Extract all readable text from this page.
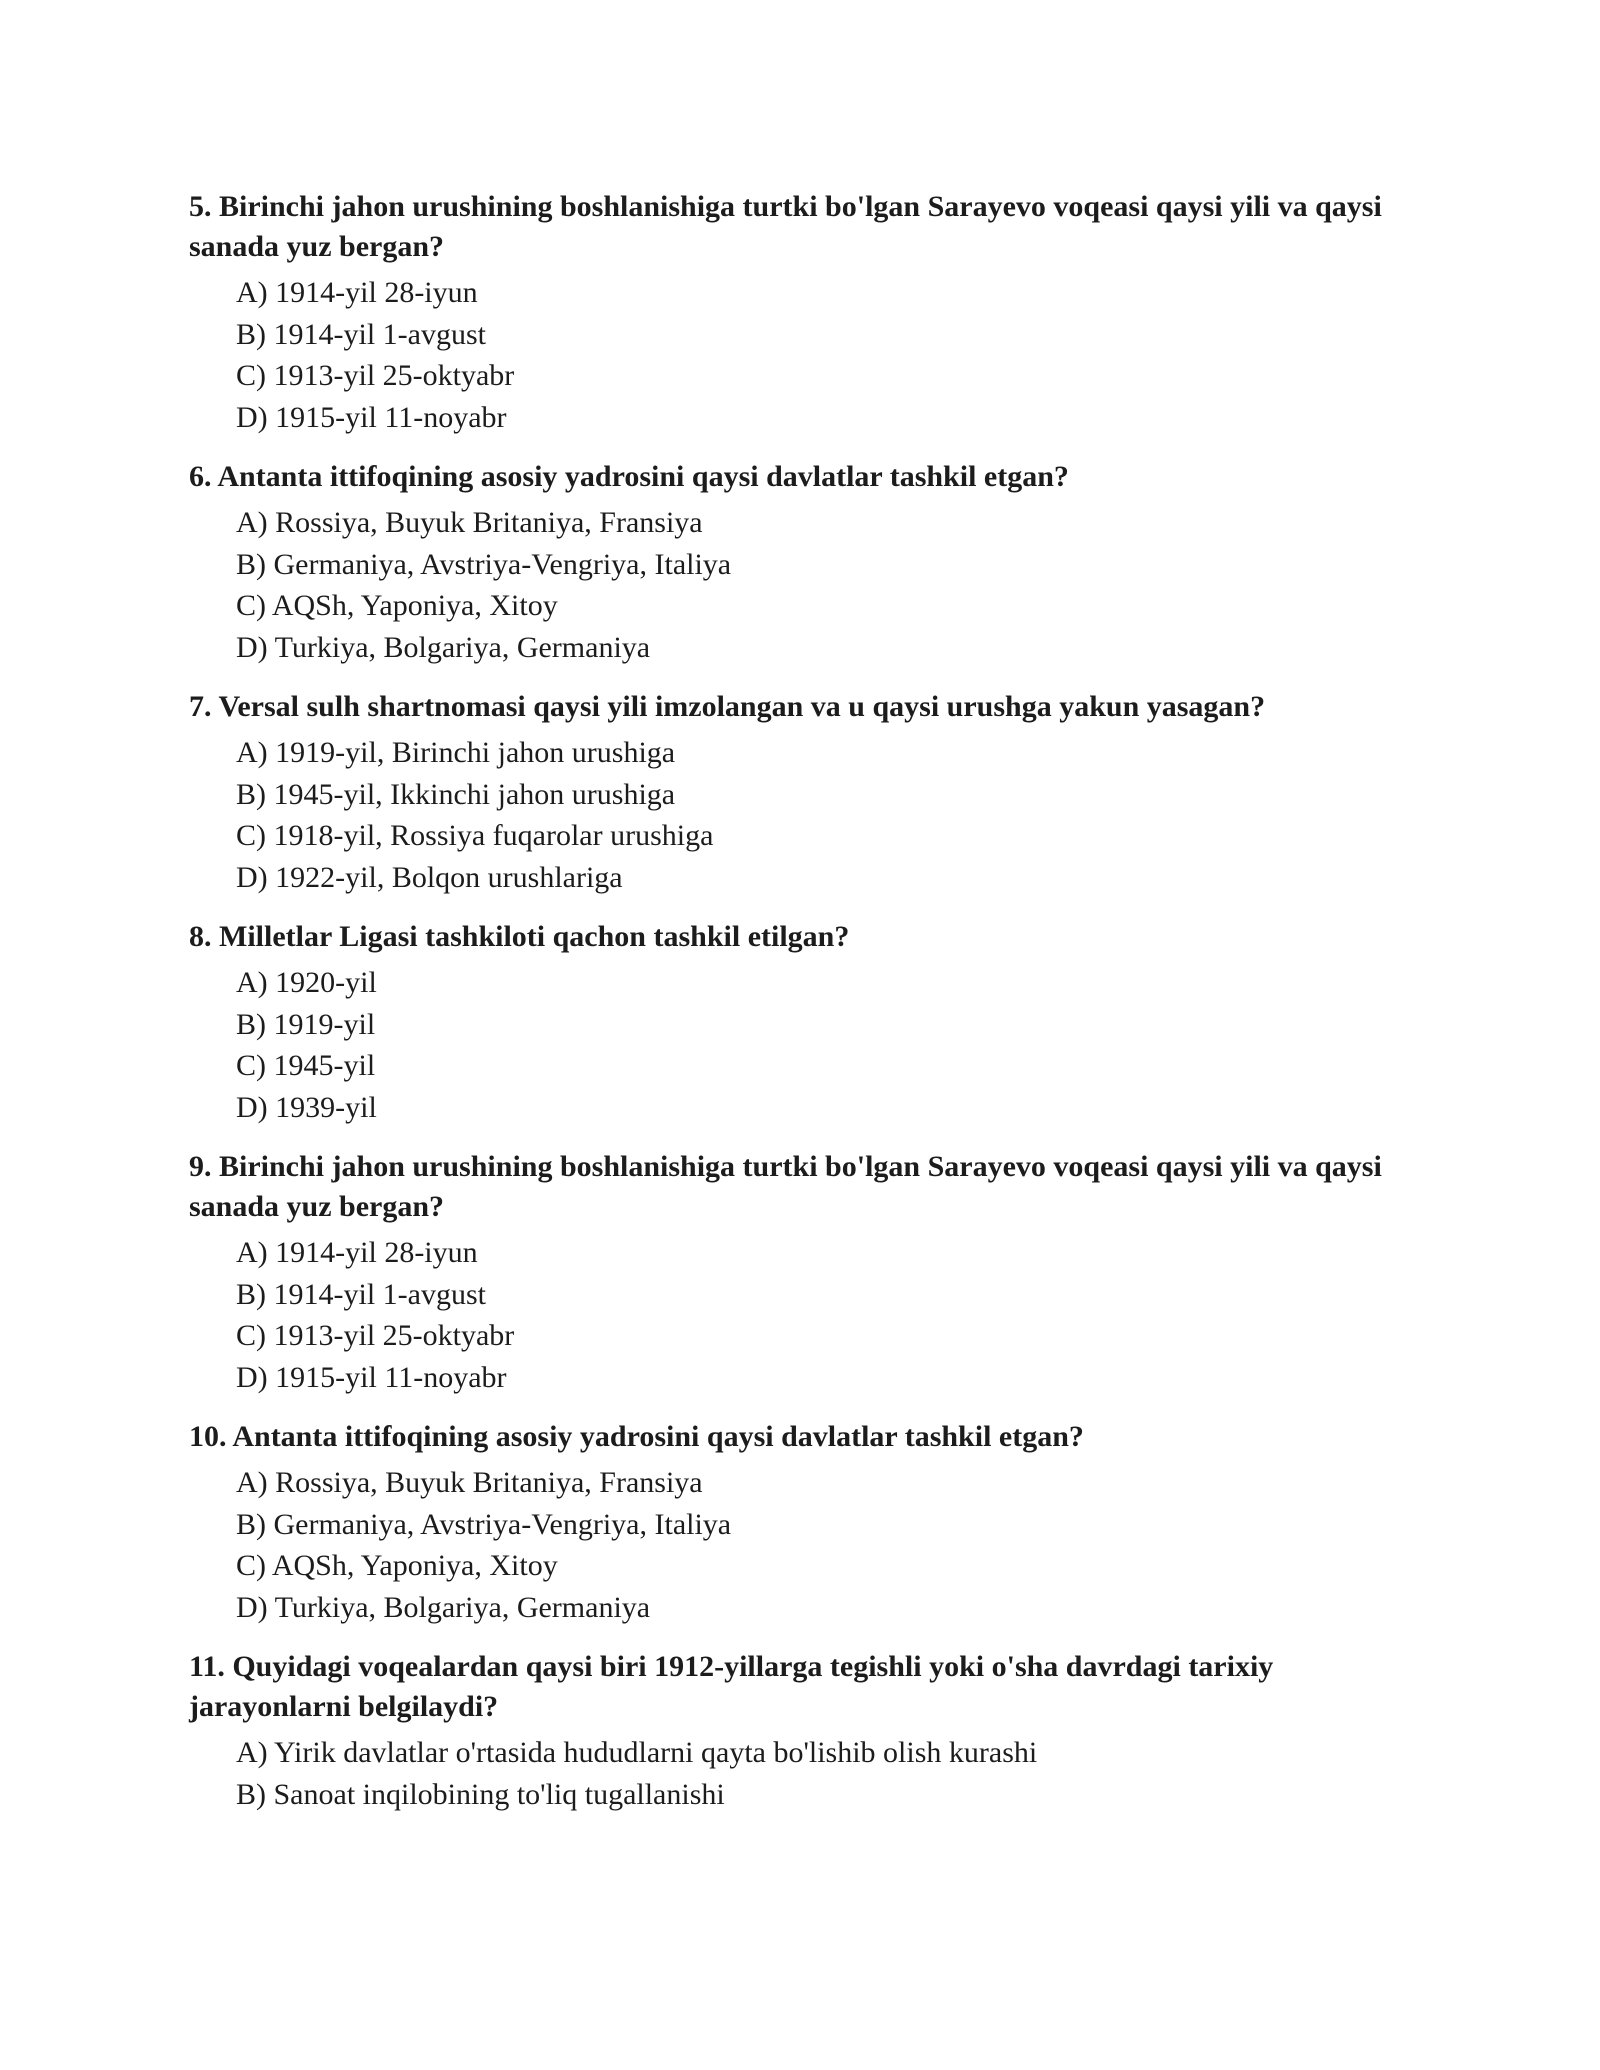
5. Birinchi jahon urushining boshlanishiga turtki bo'lgan Sarayevo voqeasi qaysi yili va qaysi sanada yuz bergan?

A) 1914-yil 28-iyun
B) 1914-yil 1-avgust
C) 1913-yil 25-oktyabr
D) 1915-yil 11-noyabr

6. Antanta ittifoqining asosiy yadrosini qaysi davlatlar tashkil etgan?

A) Rossiya, Buyuk Britaniya, Fransiya
B) Germaniya, Avstriya-Vengriya, Italiya
C) AQSh, Yaponiya, Xitoy
D) Turkiya, Bolgariya, Germaniya

7. Versal sulh shartnomasi qaysi yili imzolangan va u qaysi urushga yakun yasagan?

A) 1919-yil, Birinchi jahon urushiga
B) 1945-yil, Ikkinchi jahon urushiga
C) 1918-yil, Rossiya fuqarolar urushiga
D) 1922-yil, Bolqon urushlariga

8. Milletlar Ligasi tashkiloti qachon tashkil etilgan?

A) 1920-yil
B) 1919-yil
C) 1945-yil
D) 1939-yil

9. Birinchi jahon urushining boshlanishiga turtki bo'lgan Sarayevo voqeasi qaysi yili va qaysi sanada yuz bergan?

A) 1914-yil 28-iyun
B) 1914-yil 1-avgust
C) 1913-yil 25-oktyabr
D) 1915-yil 11-noyabr

10. Antanta ittifoqining asosiy yadrosini qaysi davlatlar tashkil etgan?

A) Rossiya, Buyuk Britaniya, Fransiya
B) Germaniya, Avstriya-Vengriya, Italiya
C) AQSh, Yaponiya, Xitoy
D) Turkiya, Bolgariya, Germaniya

11. Quyidagi voqealardan qaysi biri 1912-yillarga tegishli yoki o'sha davrdagi tarixiy jarayonlarni belgilaydi?

A) Yirik davlatlar o'rtasida hududlarni qayta bo'lishib olish kurashi
B) Sanoat inqilobining to'liq tugallanishi
